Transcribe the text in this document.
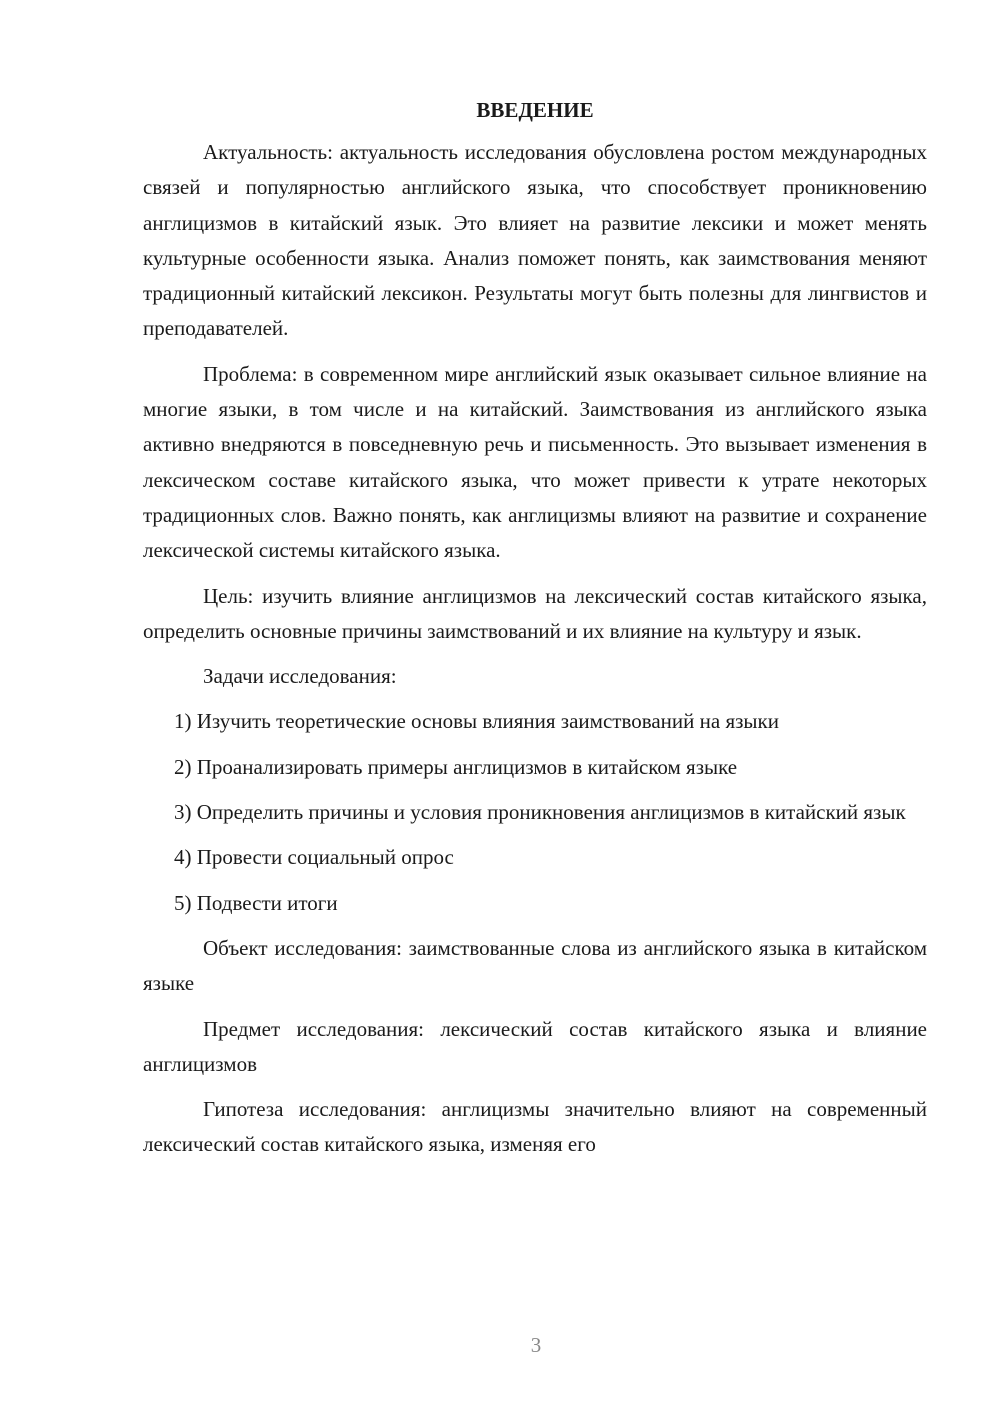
ВВЕДЕНИЕ

Актуальность: актуальность исследования обусловлена ростом международных связей и популярностью английского языка, что способствует проникновению англицизмов в китайский язык. Это влияет на развитие лексики и может менять культурные особенности языка. Анализ поможет понять, как заимствования меняют традиционный китайский лексикон. Результаты могут быть полезны для лингвистов и преподавателей.

Проблема: в современном мире английский язык оказывает сильное влияние на многие языки, в том числе и на китайский. Заимствования из английского языка активно внедряются в повседневную речь и письменность. Это вызывает изменения в лексическом составе китайского языка, что может привести к утрате некоторых традиционных слов. Важно понять, как англицизмы влияют на развитие и сохранение лексической системы китайского языка.

Цель: изучить влияние англицизмов на лексический состав китайского языка, определить основные причины заимствований и их влияние на культуру и язык.

Задачи исследования:

1) Изучить теоретические основы влияния заимствований на языки

2) Проанализировать примеры англицизмов в китайском языке

3) Определить причины и условия проникновения англицизмов в китайский язык

4) Провести социальный опрос

5) Подвести итоги

Объект исследования: заимствованные слова из английского языка в китайском языке

Предмет исследования: лексический состав китайского языка и влияние англицизмов

Гипотеза исследования: англицизмы значительно влияют на современный лексический состав китайского языка, изменяя его

3
